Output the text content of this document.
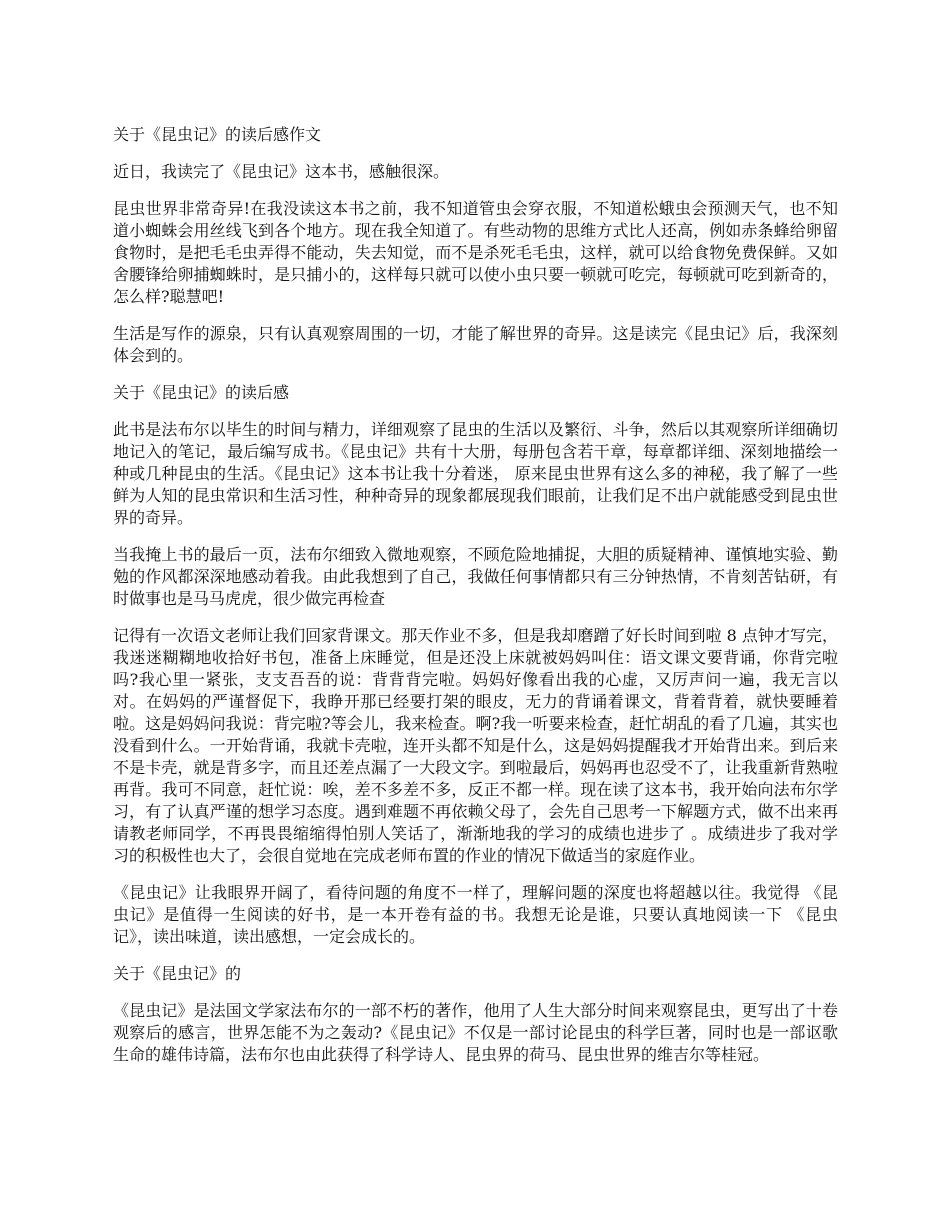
关于《昆虫记》的读后感作文

近日，我读完了《昆虫记》这本书，感触很深。

昆虫世界非常奇异!在我没读这本书之前，我不知道管虫会穿衣服，不知道松蛾虫会预测天气，也不知道小蜘蛛会用丝线飞到各个地方。现在我全知道了。有些动物的思维方式比人还高，例如赤条蜂给卵留食物时，是把毛毛虫弄得不能动，失去知觉，而不是杀死毛毛虫，这样，就可以给食物免费保鲜。又如舍腰锋给卵捕蜘蛛时，是只捕小的，这样每只就可以使小虫只要一顿就可吃完，每顿就可吃到新奇的，怎么样?聪慧吧!

生活是写作的源泉，只有认真观察周围的一切，才能了解世界的奇异。这是读完《昆虫记》后，我深刻体会到的。

关于《昆虫记》的读后感

此书是法布尔以毕生的时间与精力，详细观察了昆虫的生活以及繁衍、斗争，然后以其观察所详细确切地记入的笔记，最后编写成书。《昆虫记》共有十大册，每册包含若干章，每章都详细、深刻地描绘一种或几种昆虫的生活。《昆虫记》这本书让我十分着迷， 原来昆虫世界有这么多的神秘，我了解了一些鲜为人知的昆虫常识和生活习性，种种奇异的现象都展现我们眼前，让我们足不出户就能感受到昆虫世界的奇异。

当我掩上书的最后一页，法布尔细致入微地观察，不顾危险地捕捉，大胆的质疑精神、谨慎地实验、勤勉的作风都深深地感动着我。由此我想到了自己，我做任何事情都只有三分钟热情，不肯刻苦钻研，有时做事也是马马虎虎，很少做完再检查

记得有一次语文老师让我们回家背课文。那天作业不多，但是我却磨蹭了好长时间到啦 8 点钟才写完，我迷迷糊糊地收拾好书包，准备上床睡觉，但是还没上床就被妈妈叫住：语文课文要背诵，你背完啦吗?我心里一紧张，支支吾吾的说：背背背完啦。妈妈好像看出我的心虚，又厉声问一遍，我无言以对。在妈妈的严谨督促下，我睁开那已经要打架的眼皮，无力的背诵着课文，背着背着，就快要睡着啦。这是妈妈问我说：背完啦?等会儿，我来检查。啊?我一听要来检查，赶忙胡乱的看了几遍，其实也没看到什么。一开始背诵，我就卡壳啦，连开头都不知是什么，这是妈妈提醒我才开始背出来。到后来不是卡壳，就是背多字，而且还差点漏了一大段文字。到啦最后，妈妈再也忍受不了，让我重新背熟啦再背。我可不同意，赶忙说：唉，差不多差不多，反正不都一样。现在读了这本书，我开始向法布尔学习，有了认真严谨的想学习态度。遇到难题不再依赖父母了，会先自己思考一下解题方式，做不出来再请教老师同学，不再畏畏缩缩得怕别人笑话了，渐渐地我的学习的成绩也进步了 。成绩进步了我对学习的积极性也大了，会很自觉地在完成老师布置的作业的情况下做适当的家庭作业。

《昆虫记》让我眼界开阔了，看待问题的角度不一样了，理解问题的深度也将超越以往。我觉得 《昆虫记》是值得一生阅读的好书，是一本开卷有益的书。我想无论是谁，只要认真地阅读一下 《昆虫记》，读出味道，读出感想，一定会成长的。

关于《昆虫记》的

《昆虫记》是法国文学家法布尔的一部不朽的著作，他用了人生大部分时间来观察昆虫，更写出了十卷观察后的感言，世界怎能不为之轰动?《昆虫记》不仅是一部讨论昆虫的科学巨著，同时也是一部讴歌生命的雄伟诗篇，法布尔也由此获得了科学诗人、昆虫界的荷马、昆虫世界的维吉尔等桂冠。
